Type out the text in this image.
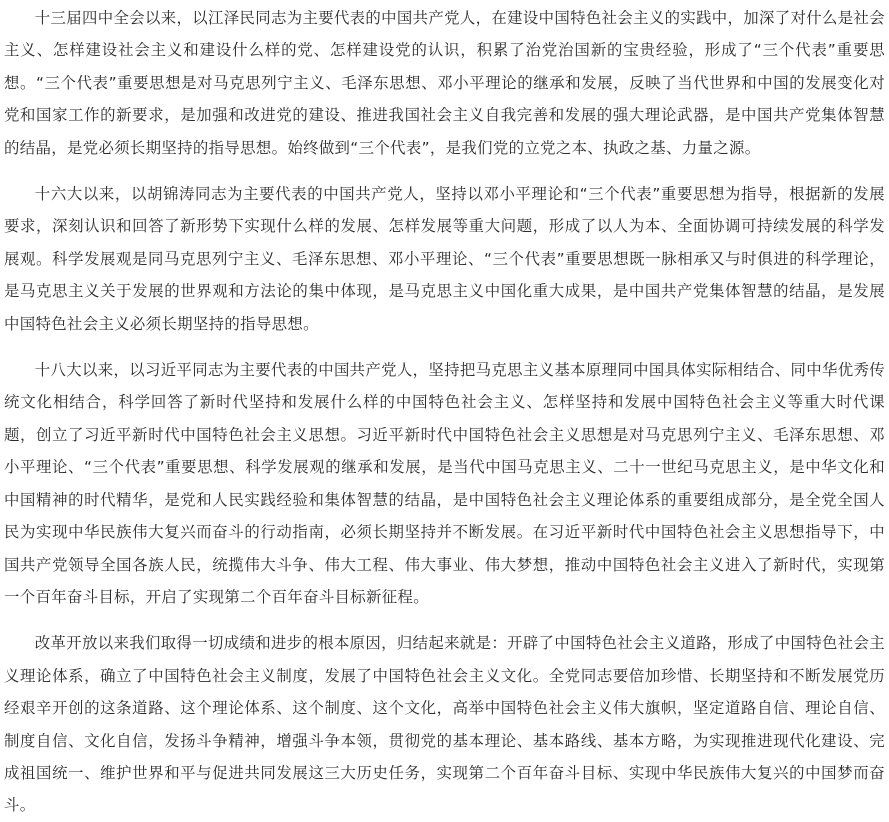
十三届四中全会以来，以江泽民同志为主要代表的中国共产党人，在建设中国特色社会主义的实践中，加深了对什么是社会主义、怎样建设社会主义和建设什么样的党、怎样建设党的认识，积累了治党治国新的宝贵经验，形成了“三个代表”重要思想。“三个代表”重要思想是对马克思列宁主义、毛泽东思想、邓小平理论的继承和发展，反映了当代世界和中国的发展变化对党和国家工作的新要求，是加强和改进党的建设、推进我国社会主义自我完善和发展的强大理论武器，是中国共产党集体智慧的结晶，是党必须长期坚持的指导思想。始终做到“三个代表”，是我们党的立党之本、执政之基、力量之源。

十六大以来，以胡锦涛同志为主要代表的中国共产党人，坚持以邓小平理论和“三个代表”重要思想为指导，根据新的发展要求，深刻认识和回答了新形势下实现什么样的发展、怎样发展等重大问题，形成了以人为本、全面协调可持续发展的科学发展观。科学发展观是同马克思列宁主义、毛泽东思想、邓小平理论、“三个代表”重要思想既一脉相承又与时俱进的科学理论，是马克思主义关于发展的世界观和方法论的集中体现，是马克思主义中国化重大成果，是中国共产党集体智慧的结晶，是发展中国特色社会主义必须长期坚持的指导思想。

十八大以来，以习近平同志为主要代表的中国共产党人，坚持把马克思主义基本原理同中国具体实际相结合、同中华优秀传统文化相结合，科学回答了新时代坚持和发展什么样的中国特色社会主义、怎样坚持和发展中国特色社会主义等重大时代课题，创立了习近平新时代中国特色社会主义思想。习近平新时代中国特色社会主义思想是对马克思列宁主义、毛泽东思想、邓小平理论、“三个代表”重要思想、科学发展观的继承和发展，是当代中国马克思主义、二十一世纪马克思主义，是中华文化和中国精神的时代精华，是党和人民实践经验和集体智慧的结晶，是中国特色社会主义理论体系的重要组成部分，是全党全国人民为实现中华民族伟大复兴而奋斗的行动指南，必须长期坚持并不断发展。在习近平新时代中国特色社会主义思想指导下，中国共产党领导全国各族人民，统揽伟大斗争、伟大工程、伟大事业、伟大梦想，推动中国特色社会主义进入了新时代，实现第一个百年奋斗目标，开启了实现第二个百年奋斗目标新征程。

改革开放以来我们取得一切成绩和进步的根本原因，归结起来就是：开辟了中国特色社会主义道路，形成了中国特色社会主义理论体系，确立了中国特色社会主义制度，发展了中国特色社会主义文化。全党同志要倍加珍惜、长期坚持和不断发展党历经艰辛开创的这条道路、这个理论体系、这个制度、这个文化，高举中国特色社会主义伟大旗帜，坚定道路自信、理论自信、制度自信、文化自信，发扬斗争精神，增强斗争本领，贯彻党的基本理论、基本路线、基本方略，为实现推进现代化建设、完成祖国统一、维护世界和平与促进共同发展这三大历史任务，实现第二个百年奋斗目标、实现中华民族伟大复兴的中国梦而奋斗。
